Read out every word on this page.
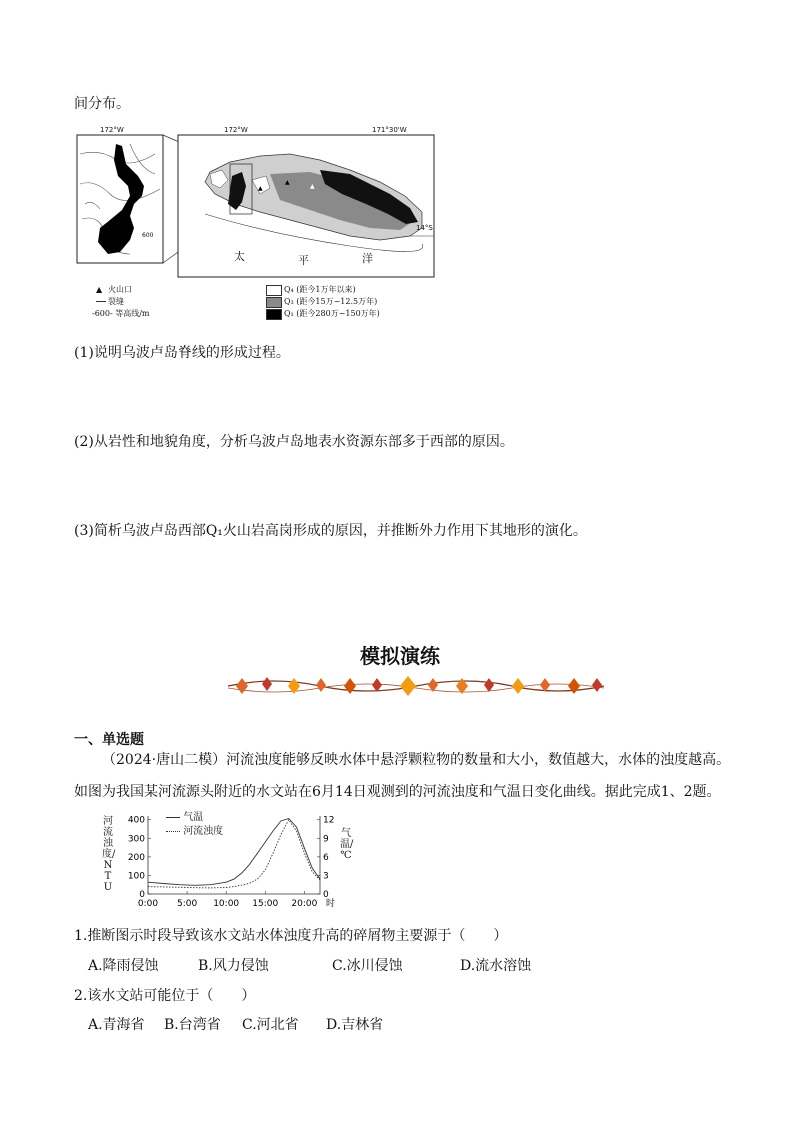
间分布。
▲	▲
▲
▲
172°W	172°W	171°30'W
14°S
600
太	平	洋
▲ 火山口
裂缝
-600- 等高线/m
Q₄ (距今1万年以来)
Q₃ (距今15万~12.5万年)
Q₁ (距今280万~150万年)
(1)说明乌波卢岛脊线的形成过程。
(2)从岩性和地貌角度，分析乌波卢岛地表水资源东部多于西部的原因。
(3)简析乌波卢岛西部Q₁火山岩高岗形成的原因，并推断外力作用下其地形的演化。
模拟演练
一、单选题
（2024·唐山二模）河流浊度能够反映水体中悬浮颗粒物的数量和大小，数值越大，水体的浊度越高。
如图为我国某河流源头附近的水文站在6月14日观测到的河流浊度和气温日变化曲线。据此完成1、2题。
0
100
200
300
400
0
3
6
9
12
0:00 5:00 10:00 15:00 20:00 时
气温
河流浊度
河流浊度/NTU
气温/℃
1.推断图示时段导致该水文站水体浊度升高的碎屑物主要源于（　　）
A.降雨侵蚀	B.风力侵蚀	C.冰川侵蚀	D.流水溶蚀
2.该水文站可能位于（　　）
A.青海省 B.台湾省 C.河北省 D.吉林省
